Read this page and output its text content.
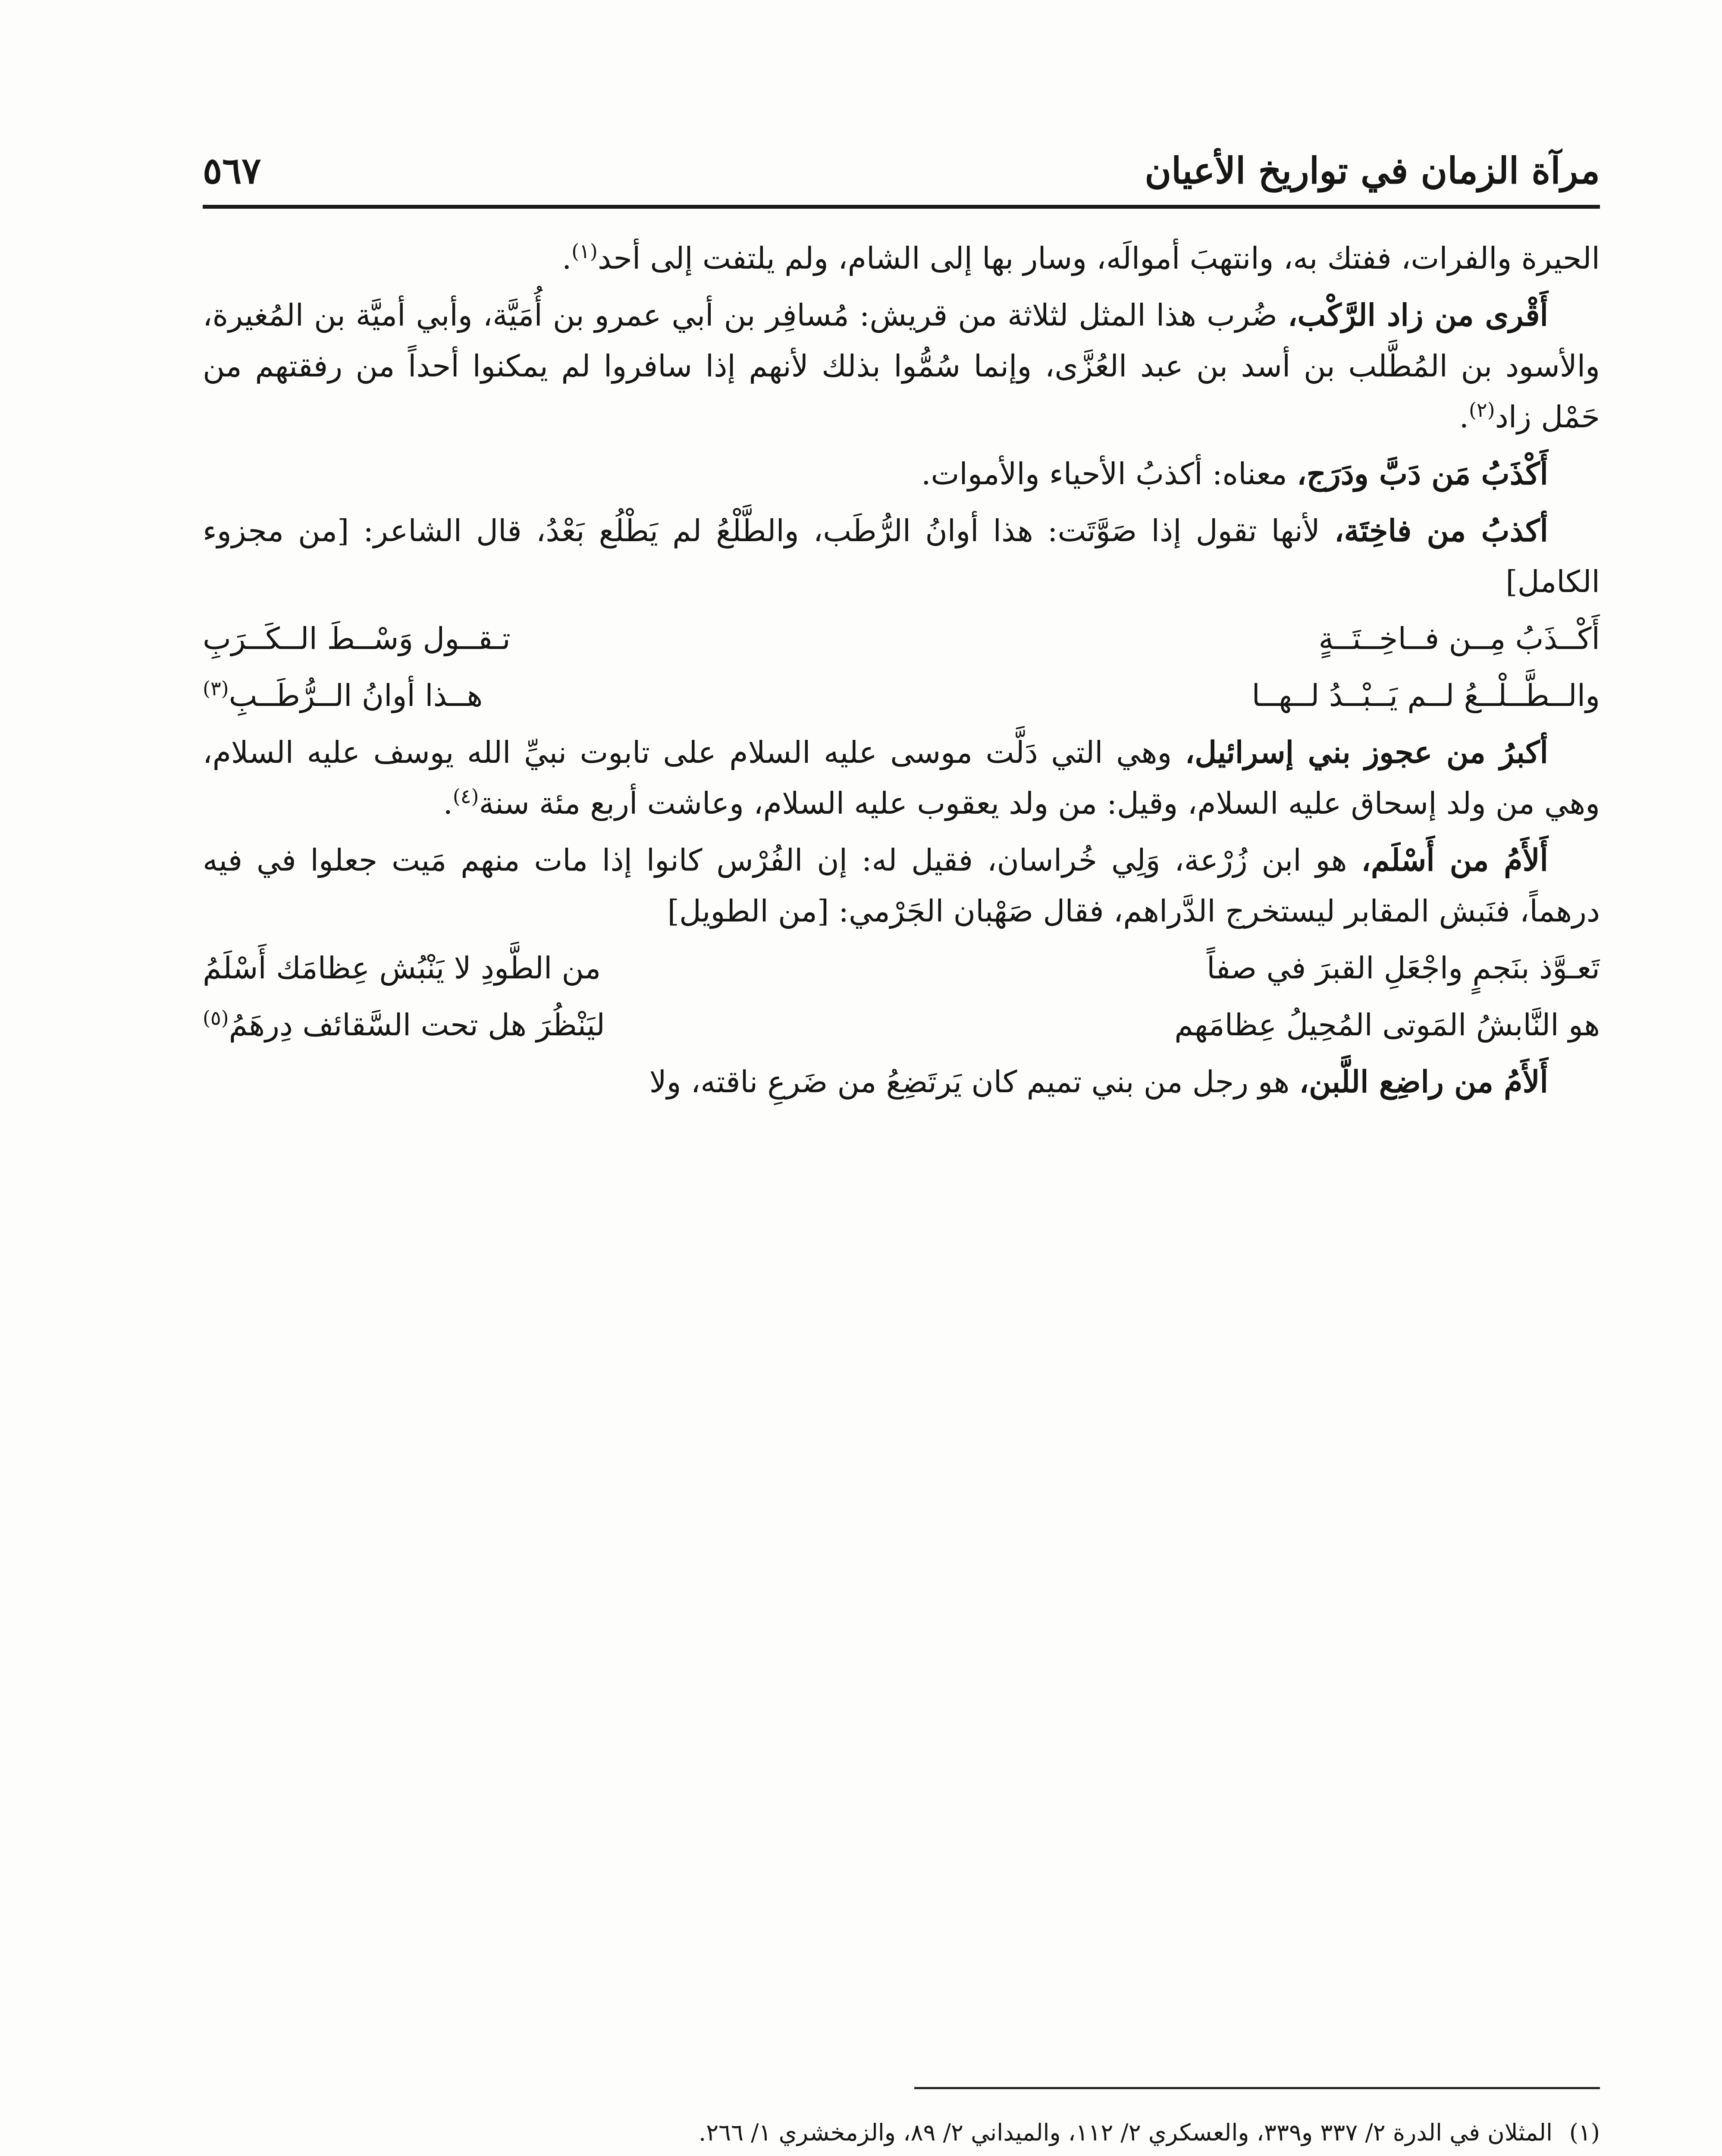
مرآة الزمان في تواريخ الأعيان
٥٦٧

الحيرة والفرات، ففتك به، وانتهبَ أموالَه، وسار بها إلى الشام، ولم يلتفت إلى أحد$^{(١)}$.

أَقْرى من زاد الرَّكْب، ضُرب هذا المثل لثلاثة من قريش: مُسافِر بن أبي عمرو بن أُمَيَّة، وأبي أميَّة بن المُغيرة، والأسود بن المُطَّلب بن أسد بن عبد العُزَّى، وإنما سُمُّوا بذلك لأنهم إذا سافروا لم يمكنوا أحداً من رفقتهم من حَمْل زاد$^{(٢)}$.

أَكْذَبُ مَن دَبَّ ودَرَج، معناه: أكذبُ الأحياء والأموات.

أكذبُ من فاخِتَة، لأنها تقول إذا صَوَّتَت: هذا أوانُ الرُّطَب، والطَّلْعُ لم يَطْلُع بَعْدُ، قال الشاعر: [من مجزوء الكامل]

أَكْــذَبُ مِــن فــاخِــتَــةٍ
تـقــول وَسْــطَ الــكَــرَبِ
والــطَّــلْــعُ لــم يَــبْــدُ لــهــا
هــذا أوانُ الــرُّطَــبِ$^{(٣)}$

أكبرُ من عجوز بني إسرائيل، وهي التي دَلَّت موسى عليه السلام على تابوت نبيِّ الله يوسف عليه السلام، وهي من ولد إسحاق عليه السلام، وقيل: من ولد يعقوب عليه السلام، وعاشت أربع مئة سنة$^{(٤)}$.

أَلأَمُ من أَسْلَم، هو ابن زُرْعة، وَلِي خُراسان، فقيل له: إن الفُرْس كانوا إذا مات منهم مَيت جعلوا في فيه درهماً، فنَبش المقابر ليستخرج الدَّراهم، فقال صَهْبان الجَرْمي: [من الطويل]

تَعـوَّذ بنَجمٍ واجْعَلِ القبرَ في صفاً
من الطَّودِ لا يَنْبُش عِظامَك أَسْلَمُ
هو النَّابشُ المَوتى المُحِيلُ عِظامَهم
ليَنْظُرَ هل تحت السَّقائف دِرهَمُ$^{(٥)}$

أَلأَمُ من راضِع اللَّبن، هو رجل من بني تميم كان يَرتَضِعُ من ضَرعِ ناقته، ولا

(١)المثلان في الدرة ٢/ ٣٣٧ و٣٣٩، والعسكري ٢/ ١١٢، والميداني ٢/ ٨٩، والزمخشري ١/ ٢٦٦.
